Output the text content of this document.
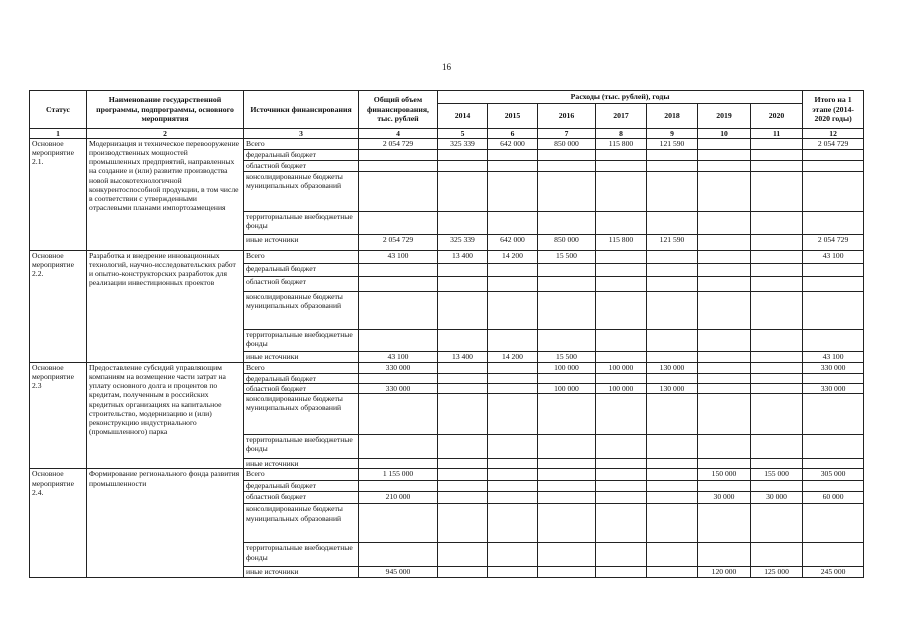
16
Статус	Наименование государственной программы, подпрограммы, основного мероприятия	Источники финансирования	Общий объем финансирования, тыс. рублей	Расходы (тыс. рублей), годы							Итого на 1 этапе (2014-2020 годы)
				2014	2015	2016	2017	2018	2019	2020	
1	2	3	4	5	6	7	8	9	10	11	12
Основное мероприятие 2.1.	Модернизация и техническое перевооружение производственных мощностей промышленных предприятий, направленных на создание и (или) развитие производства новой высокотехнологичной конкурентоспособной продукции, в том числе в соответствии с утвержденными отраслевыми планами импортозамещения	Всего	2 054 729	325 339	642 000	850 000	115 800	121 590			2 054 729
		федеральный бюджет									
		областной бюджет									
		консолидированные бюджеты муниципальных образований									
		территориальные внебюджетные фонды									
		иные источники	2 054 729	325 339	642 000	850 000	115 800	121 590			2 054 729
Основное мероприятие 2.2.	Разработка и внедрение инновационных технологий, научно-исследовательских работ и опытно-конструкторских разработок для реализации инвестиционных проектов	Всего	43 100	13 400	14 200	15 500					43 100
		федеральный бюджет									
		областной бюджет									
		консолидированные бюджеты муниципальных образований									
		территориальные внебюджетные фонды									
		иные источники	43 100	13 400	14 200	15 500					43 100
Основное мероприятие 2.3	Предоставление субсидий управляющим компаниям на возмещение части затрат на уплату основного долга и процентов по кредитам, полученным в российских кредитных организациях на капитальное строительство, модернизацию и (или) реконструкцию индустриального (промышленного) парка	Всего	330 000			100 000	100 000	130 000			330 000
		федеральный бюджет									
		областной бюджет	330 000			100 000	100 000	130 000			330 000
		консолидированные бюджеты муниципальных образований									
		территориальные внебюджетные фонды									
		иные источники									
Основное мероприятие 2.4.	Формирование регионального фонда развития промышленности	Всего	1 155 000						150 000	155 000	305 000
		федеральный бюджет									
		областной бюджет	210 000						30 000	30 000	60 000
		консолидированные бюджеты муниципальных образований									
		территориальные внебюджетные фонды									
		иные источники	945 000						120 000	125 000	245 000
